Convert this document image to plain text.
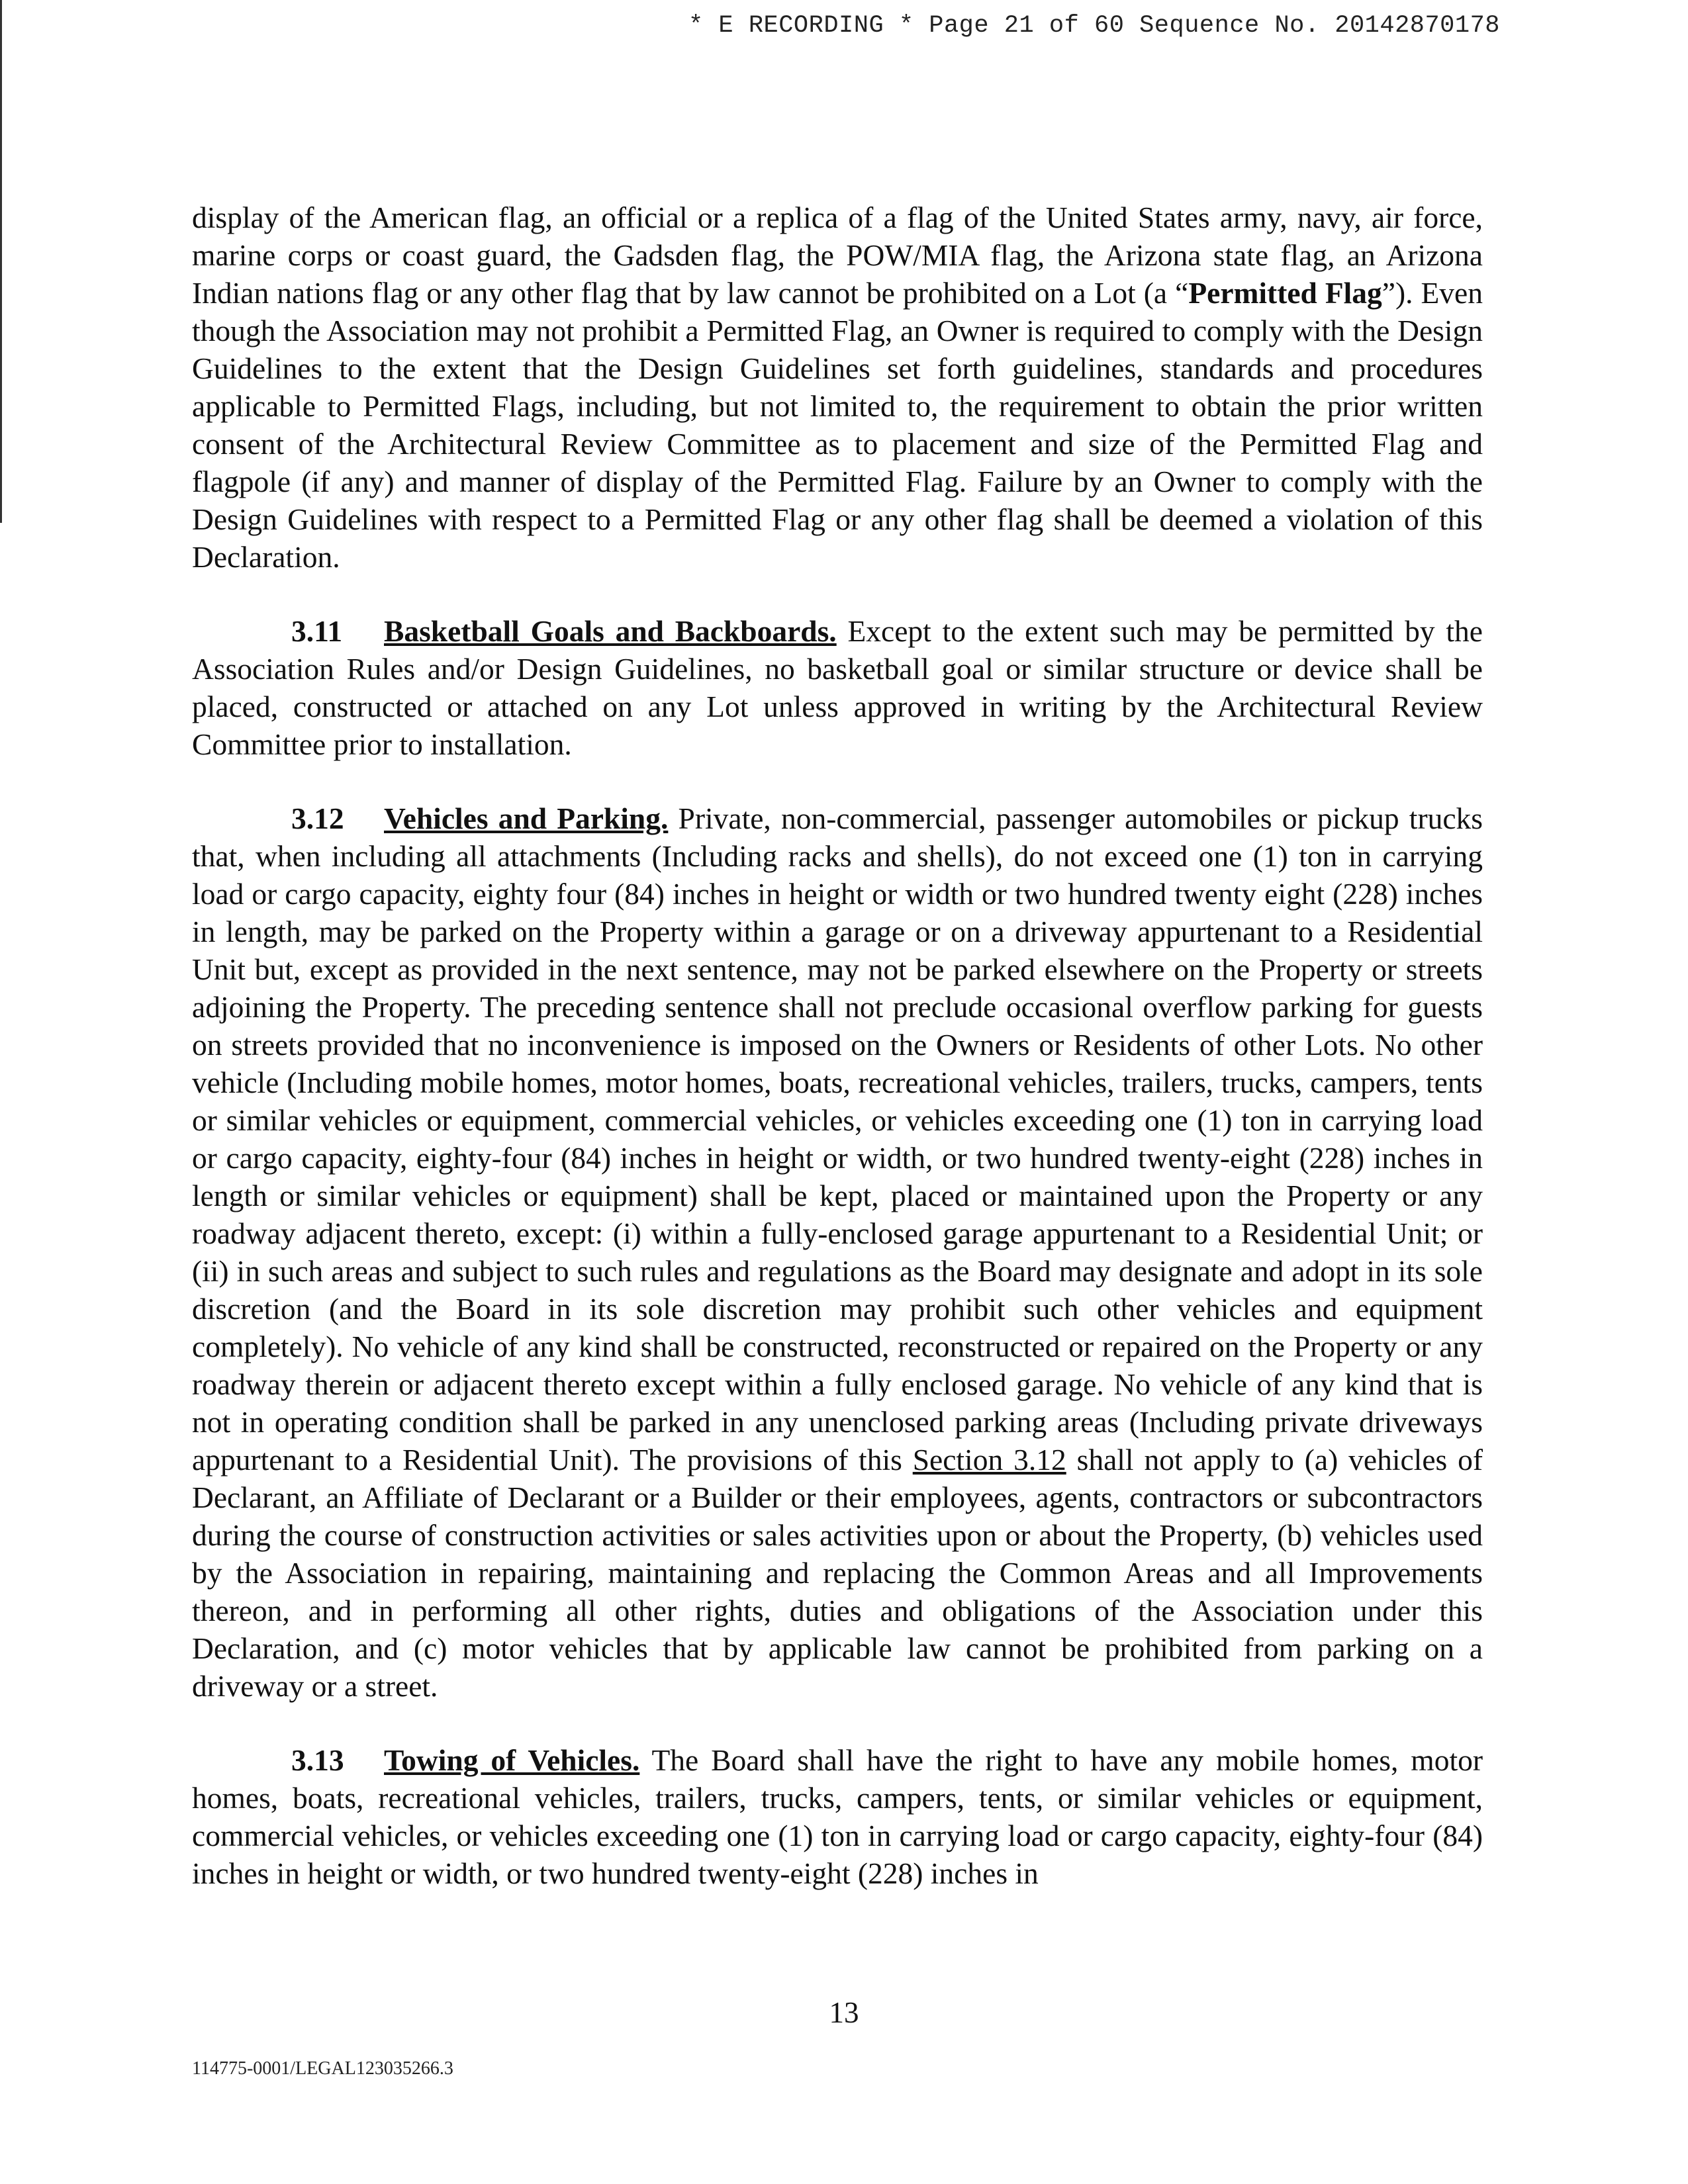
* E RECORDING * Page 21 of 60 Sequence No. 20142870178

display of the American flag, an official or a replica of a flag of the United States army, navy, air force, marine corps or coast guard, the Gadsden flag, the POW/MIA flag, the Arizona state flag, an Arizona Indian nations flag or any other flag that by law cannot be prohibited on a Lot (a “Permitted Flag”). Even though the Association may not prohibit a Permitted Flag, an Owner is required to comply with the Design Guidelines to the extent that the Design Guidelines set forth guidelines, standards and procedures applicable to Permitted Flags, including, but not limited to, the requirement to obtain the prior written consent of the Architectural Review Committee as to placement and size of the Permitted Flag and flagpole (if any) and manner of display of the Permitted Flag. Failure by an Owner to comply with the Design Guidelines with respect to a Permitted Flag or any other flag shall be deemed a violation of this Declaration.

3.11 Basketball Goals and Backboards. Except to the extent such may be permitted by the Association Rules and/or Design Guidelines, no basketball goal or similar structure or device shall be placed, constructed or attached on any Lot unless approved in writing by the Architectural Review Committee prior to installation.

3.12 Vehicles and Parking. Private, non-commercial, passenger automobiles or pickup trucks that, when including all attachments (Including racks and shells), do not exceed one (1) ton in carrying load or cargo capacity, eighty four (84) inches in height or width or two hundred twenty eight (228) inches in length, may be parked on the Property within a garage or on a driveway appurtenant to a Residential Unit but, except as provided in the next sentence, may not be parked elsewhere on the Property or streets adjoining the Property. The preceding sentence shall not preclude occasional overflow parking for guests on streets provided that no inconvenience is imposed on the Owners or Residents of other Lots. No other vehicle (Including mobile homes, motor homes, boats, recreational vehicles, trailers, trucks, campers, tents or similar vehicles or equipment, commercial vehicles, or vehicles exceeding one (1) ton in carrying load or cargo capacity, eighty-four (84) inches in height or width, or two hundred twenty-eight (228) inches in length or similar vehicles or equipment) shall be kept, placed or maintained upon the Property or any roadway adjacent thereto, except: (i) within a fully-enclosed garage appurtenant to a Residential Unit; or (ii) in such areas and subject to such rules and regulations as the Board may designate and adopt in its sole discretion (and the Board in its sole discretion may prohibit such other vehicles and equipment completely). No vehicle of any kind shall be constructed, reconstructed or repaired on the Property or any roadway therein or adjacent thereto except within a fully enclosed garage. No vehicle of any kind that is not in operating condition shall be parked in any unenclosed parking areas (Including private driveways appurtenant to a Residential Unit). The provisions of this Section 3.12 shall not apply to (a) vehicles of Declarant, an Affiliate of Declarant or a Builder or their employees, agents, contractors or subcontractors during the course of construction activities or sales activities upon or about the Property, (b) vehicles used by the Association in repairing, maintaining and replacing the Common Areas and all Improvements thereon, and in performing all other rights, duties and obligations of the Association under this Declaration, and (c) motor vehicles that by applicable law cannot be prohibited from parking on a driveway or a street.

3.13 Towing of Vehicles. The Board shall have the right to have any mobile homes, motor homes, boats, recreational vehicles, trailers, trucks, campers, tents, or similar vehicles or equipment, commercial vehicles, or vehicles exceeding one (1) ton in carrying load or cargo capacity, eighty-four (84) inches in height or width, or two hundred twenty-eight (228) inches in

13
114775-0001/LEGAL123035266.3
